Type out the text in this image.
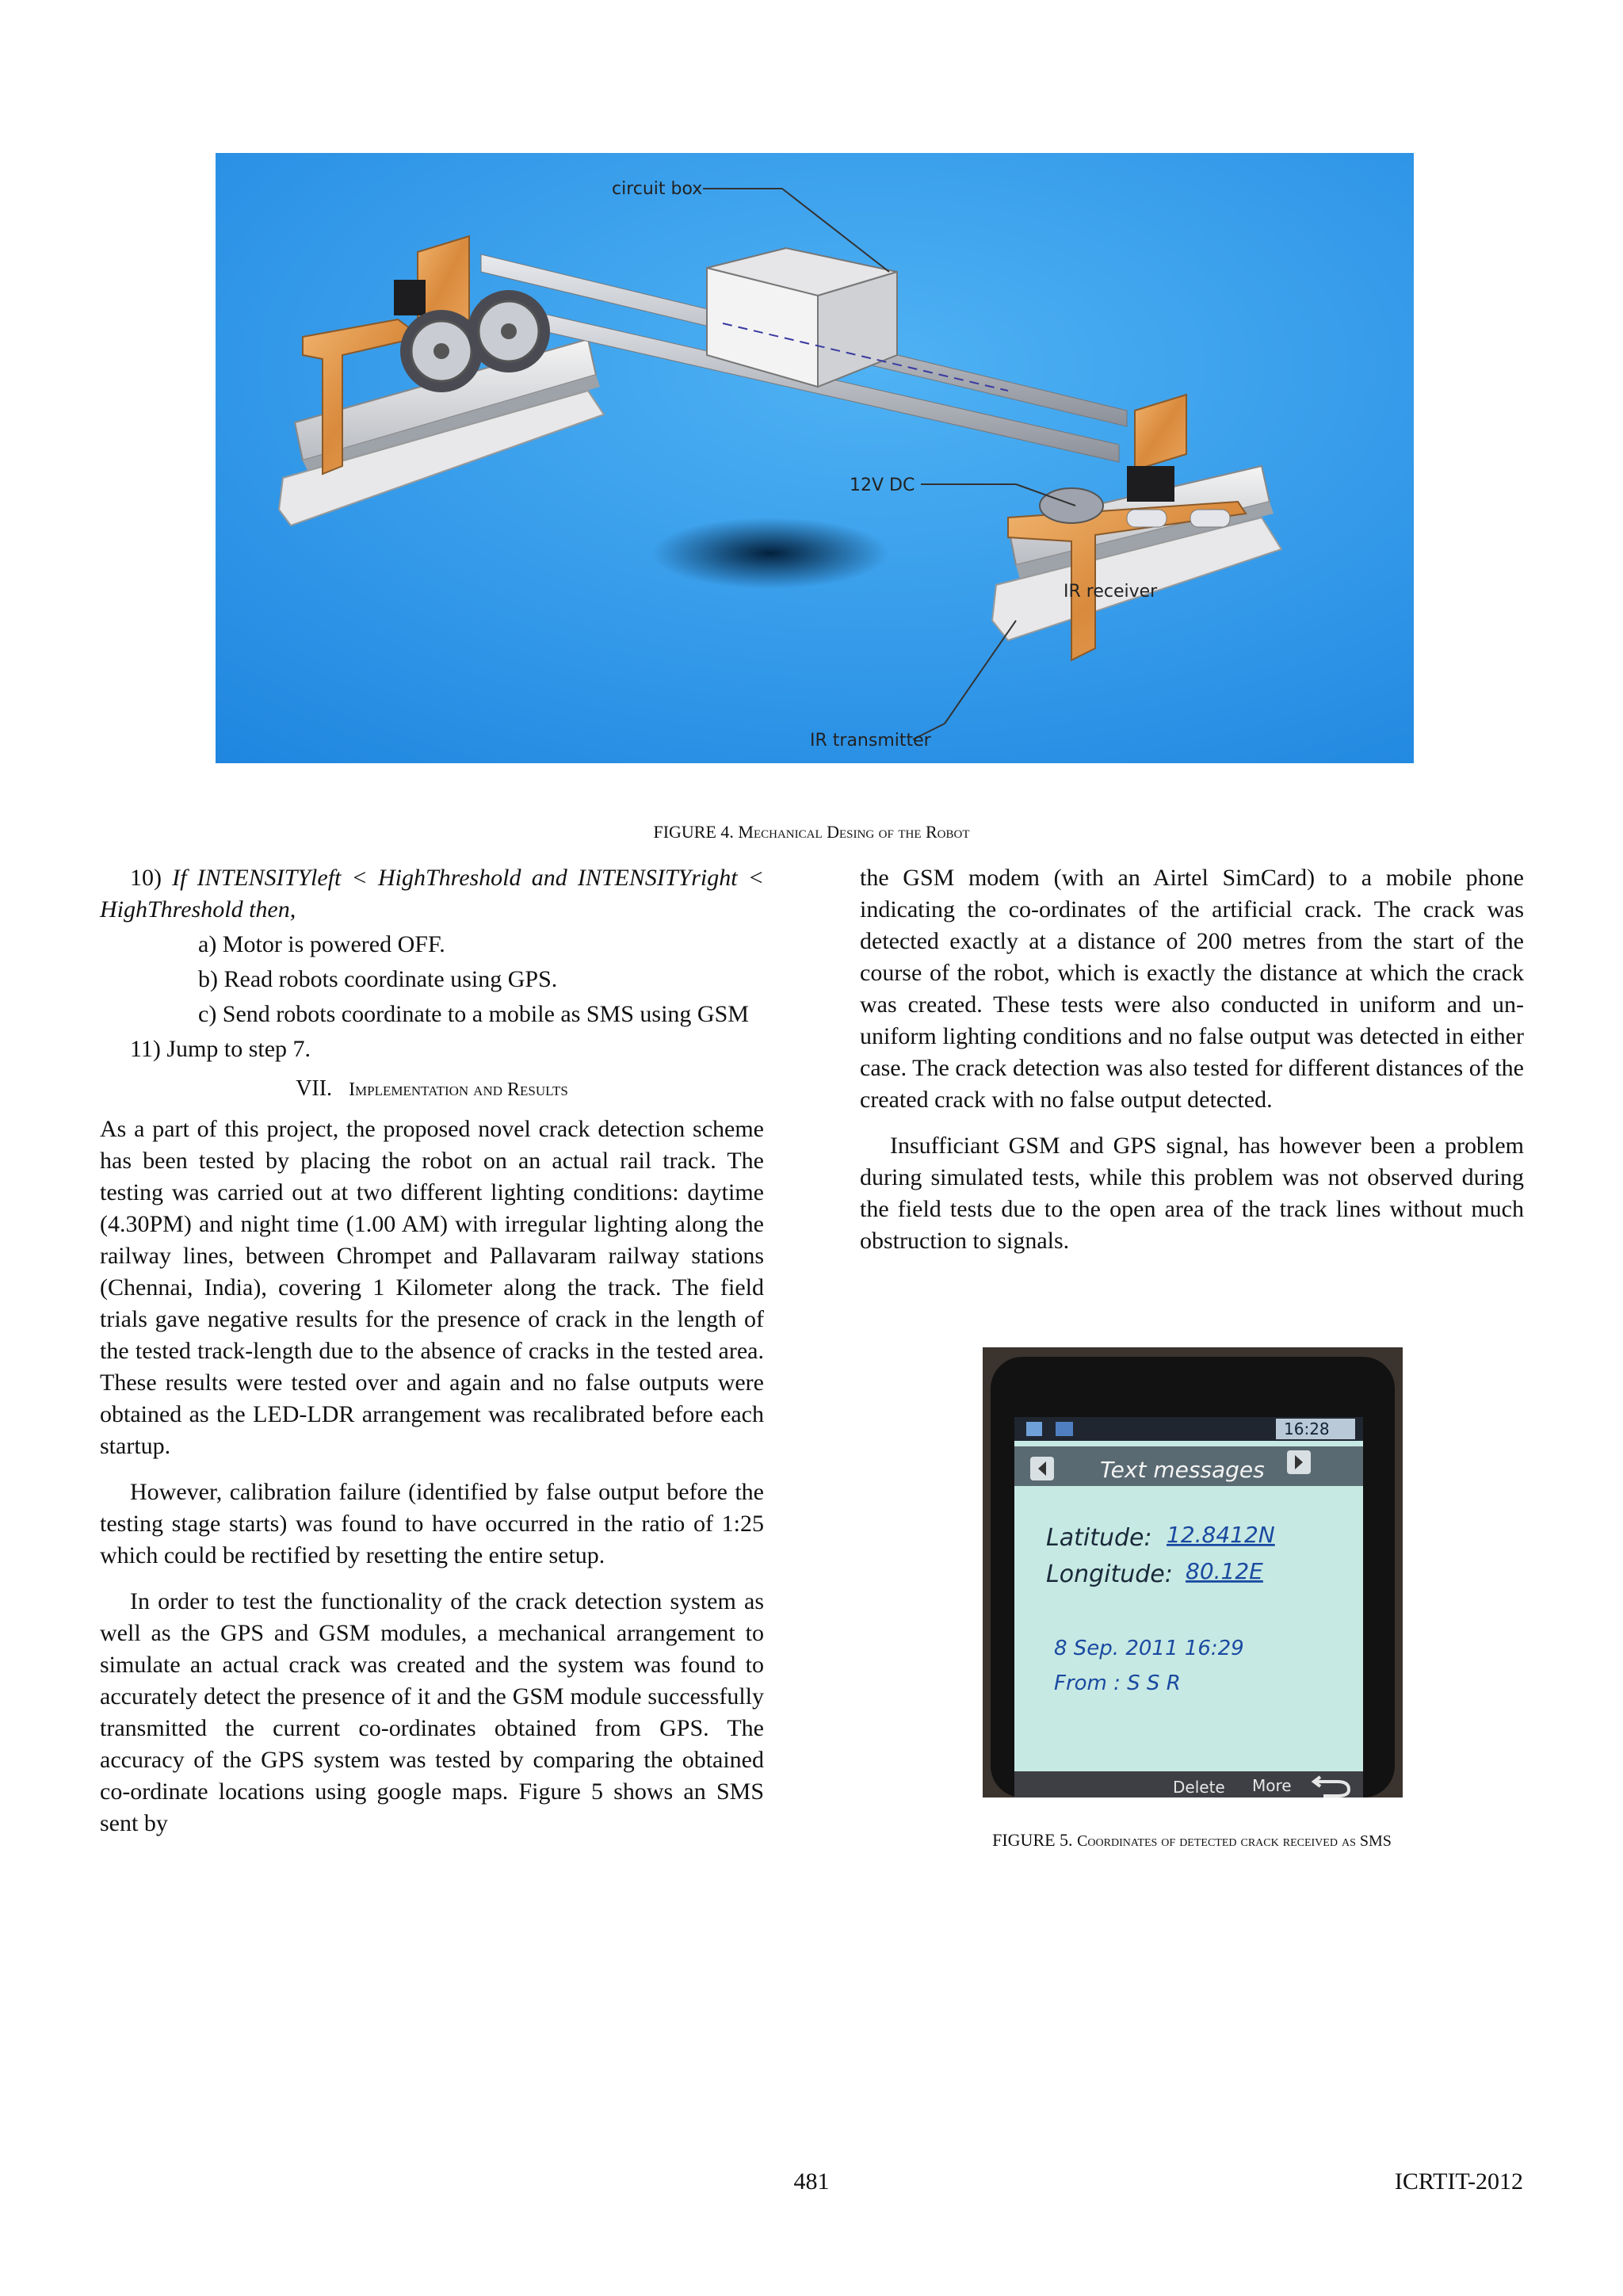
circuit box
12V DC
IR receiver
IR transmitter
FIGURE 4. Mechanical Desing of the Robot

10) If INTENSITYleft < HighThreshold and INTENSITYright < HighThreshold then,

a) Motor is powered OFF.

b) Read robots coordinate using GPS.

c) Send robots coordinate to a mobile as SMS using GSM

11) Jump to step 7.

VII. Implementation and Results

As a part of this project, the proposed novel crack detection scheme has been tested by placing the robot on an actual rail track. The testing was carried out at two different lighting conditions: daytime (4.30PM) and night time (1.00 AM) with irregular lighting along the railway lines, between Chrompet and Pallavaram railway stations (Chennai, India), covering 1 Kilometer along the track. The field trials gave negative results for the presence of crack in the length of the tested track-length due to the absence of cracks in the tested area. These results were tested over and again and no false outputs were obtained as the LED-LDR arrangement was recalibrated before each startup.

However, calibration failure (identified by false output before the testing stage starts) was found to have occurred in the ratio of 1:25 which could be rectified by resetting the entire setup.

In order to test the functionality of the crack detection system as well as the GPS and GSM modules, a mechanical arrangement to simulate an actual crack was created and the system was found to accurately detect the presence of it and the GSM module successfully transmitted the current co-ordinates obtained from GPS. The accuracy of the GPS system was tested by comparing the obtained co-ordinate locations using google maps. Figure 5 shows an SMS sent by

the GSM modem (with an Airtel SimCard) to a mobile phone indicating the co-ordinates of the artificial crack. The crack was detected exactly at a distance of 200 metres from the start of the course of the robot, which is exactly the distance at which the crack was created. These tests were also conducted in uniform and un-uniform lighting conditions and no false output was detected in either case. The crack detection was also tested for different distances of the created crack with no false output detected.

Insufficiant GSM and GPS signal, has however been a problem during simulated tests, while this problem was not observed during the field tests due to the open area of the track lines without much obstruction to signals.

16:28
Text messages
Latitude: 12.8412N
Longitude: 80.12E
8 Sep. 2011 16:29
From : S S R
Delete More
FIGURE 5. Coordinates of detected crack received as SMS
481	ICRTIT-2012
